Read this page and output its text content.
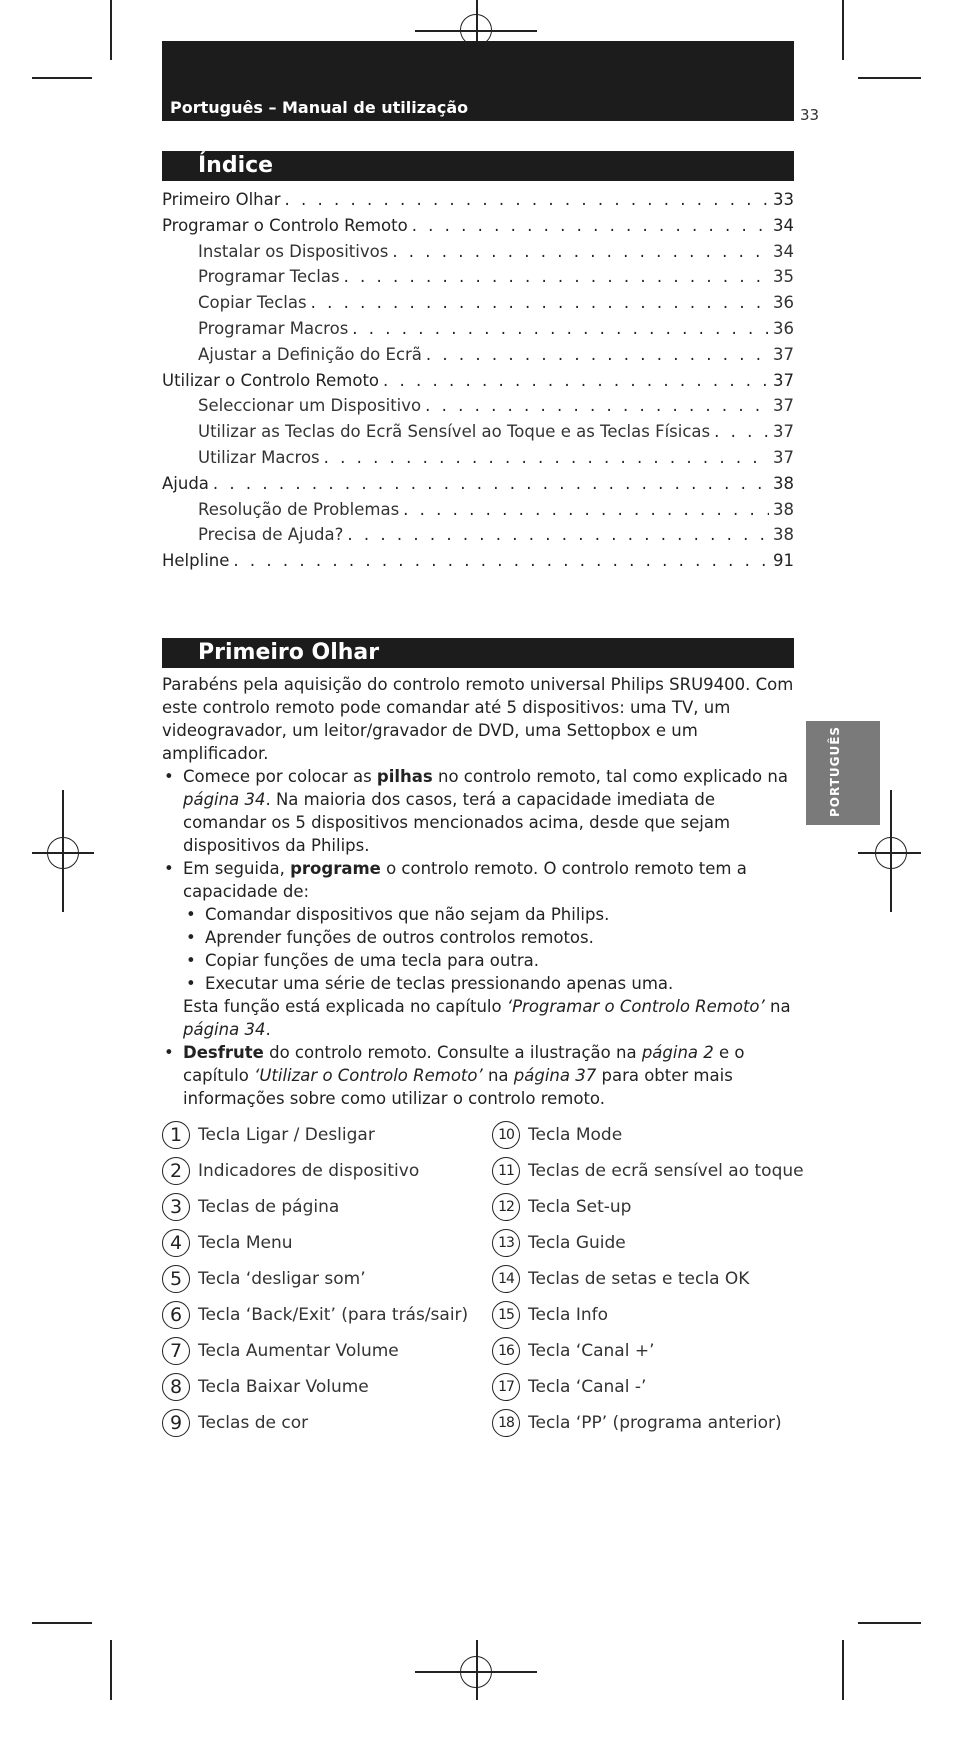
Português – Manual de utilização	33
Índice
Primeiro Olhar . . .	33
Programar o Controlo Remoto . . .	34
Instalar os Dispositivos . . .	34
Programar Teclas . . .	35
Copiar Teclas . . .	36
Programar Macros . . .	36
Ajustar a Definição do Ecrã . . .	37
Utilizar o Controlo Remoto . . .	37
Seleccionar um Dispositivo . . .	37
Utilizar as Teclas do Ecrã Sensível ao Toque e as Teclas Físicas . . .	37
Utilizar Macros . . .	37
Ajuda . . .	38
Resolução de Problemas . . .	38
Precisa de Ajuda? . . .	38
Helpline . . .	91
Primeiro Olhar

Parabéns pela aquisição do controlo remoto universal Philips SRU9400. Com este controlo remoto pode comandar até 5 dispositivos: uma TV, um videogravador, um leitor/gravador de DVD, uma Settopbox e um amplificador.

• Comece por colocar as pilhas no controlo remoto, tal como explicado na página 34. Na maioria dos casos, terá a capacidade imediata de comandar os 5 dispositivos mencionados acima, desde que sejam dispositivos da Philips.

• Em seguida, programe o controlo remoto. O controlo remoto tem a capacidade de:

• Comandar dispositivos que não sejam da Philips.

• Aprender funções de outros controlos remotos.

• Copiar funções de uma tecla para outra.

• Executar uma série de teclas pressionando apenas uma.

Esta função está explicada no capítulo ‘Programar o Controlo Remoto’ na página 34.

• Desfrute do controlo remoto. Consulte a ilustração na página 2 e o capítulo ‘Utilizar o Controlo Remoto’ na página 37 para obter mais informações sobre como utilizar o controlo remoto.

PORTUGUÊS
1 Tecla Ligar / Desligar
2 Indicadores de dispositivo
3 Teclas de página
4 Tecla Menu
5 Tecla ‘desligar som’
6 Tecla ‘Back/Exit’ (para trás/sair)
7 Tecla Aumentar Volume
8 Tecla Baixar Volume
9 Teclas de cor
10 Tecla Mode
11 Teclas de ecrã sensível ao toque
12 Tecla Set-up
13 Tecla Guide
14 Teclas de setas e tecla OK
15 Tecla Info
16 Tecla ‘Canal +’
17 Tecla ‘Canal -’
18 Tecla ‘PP’ (programa anterior)
